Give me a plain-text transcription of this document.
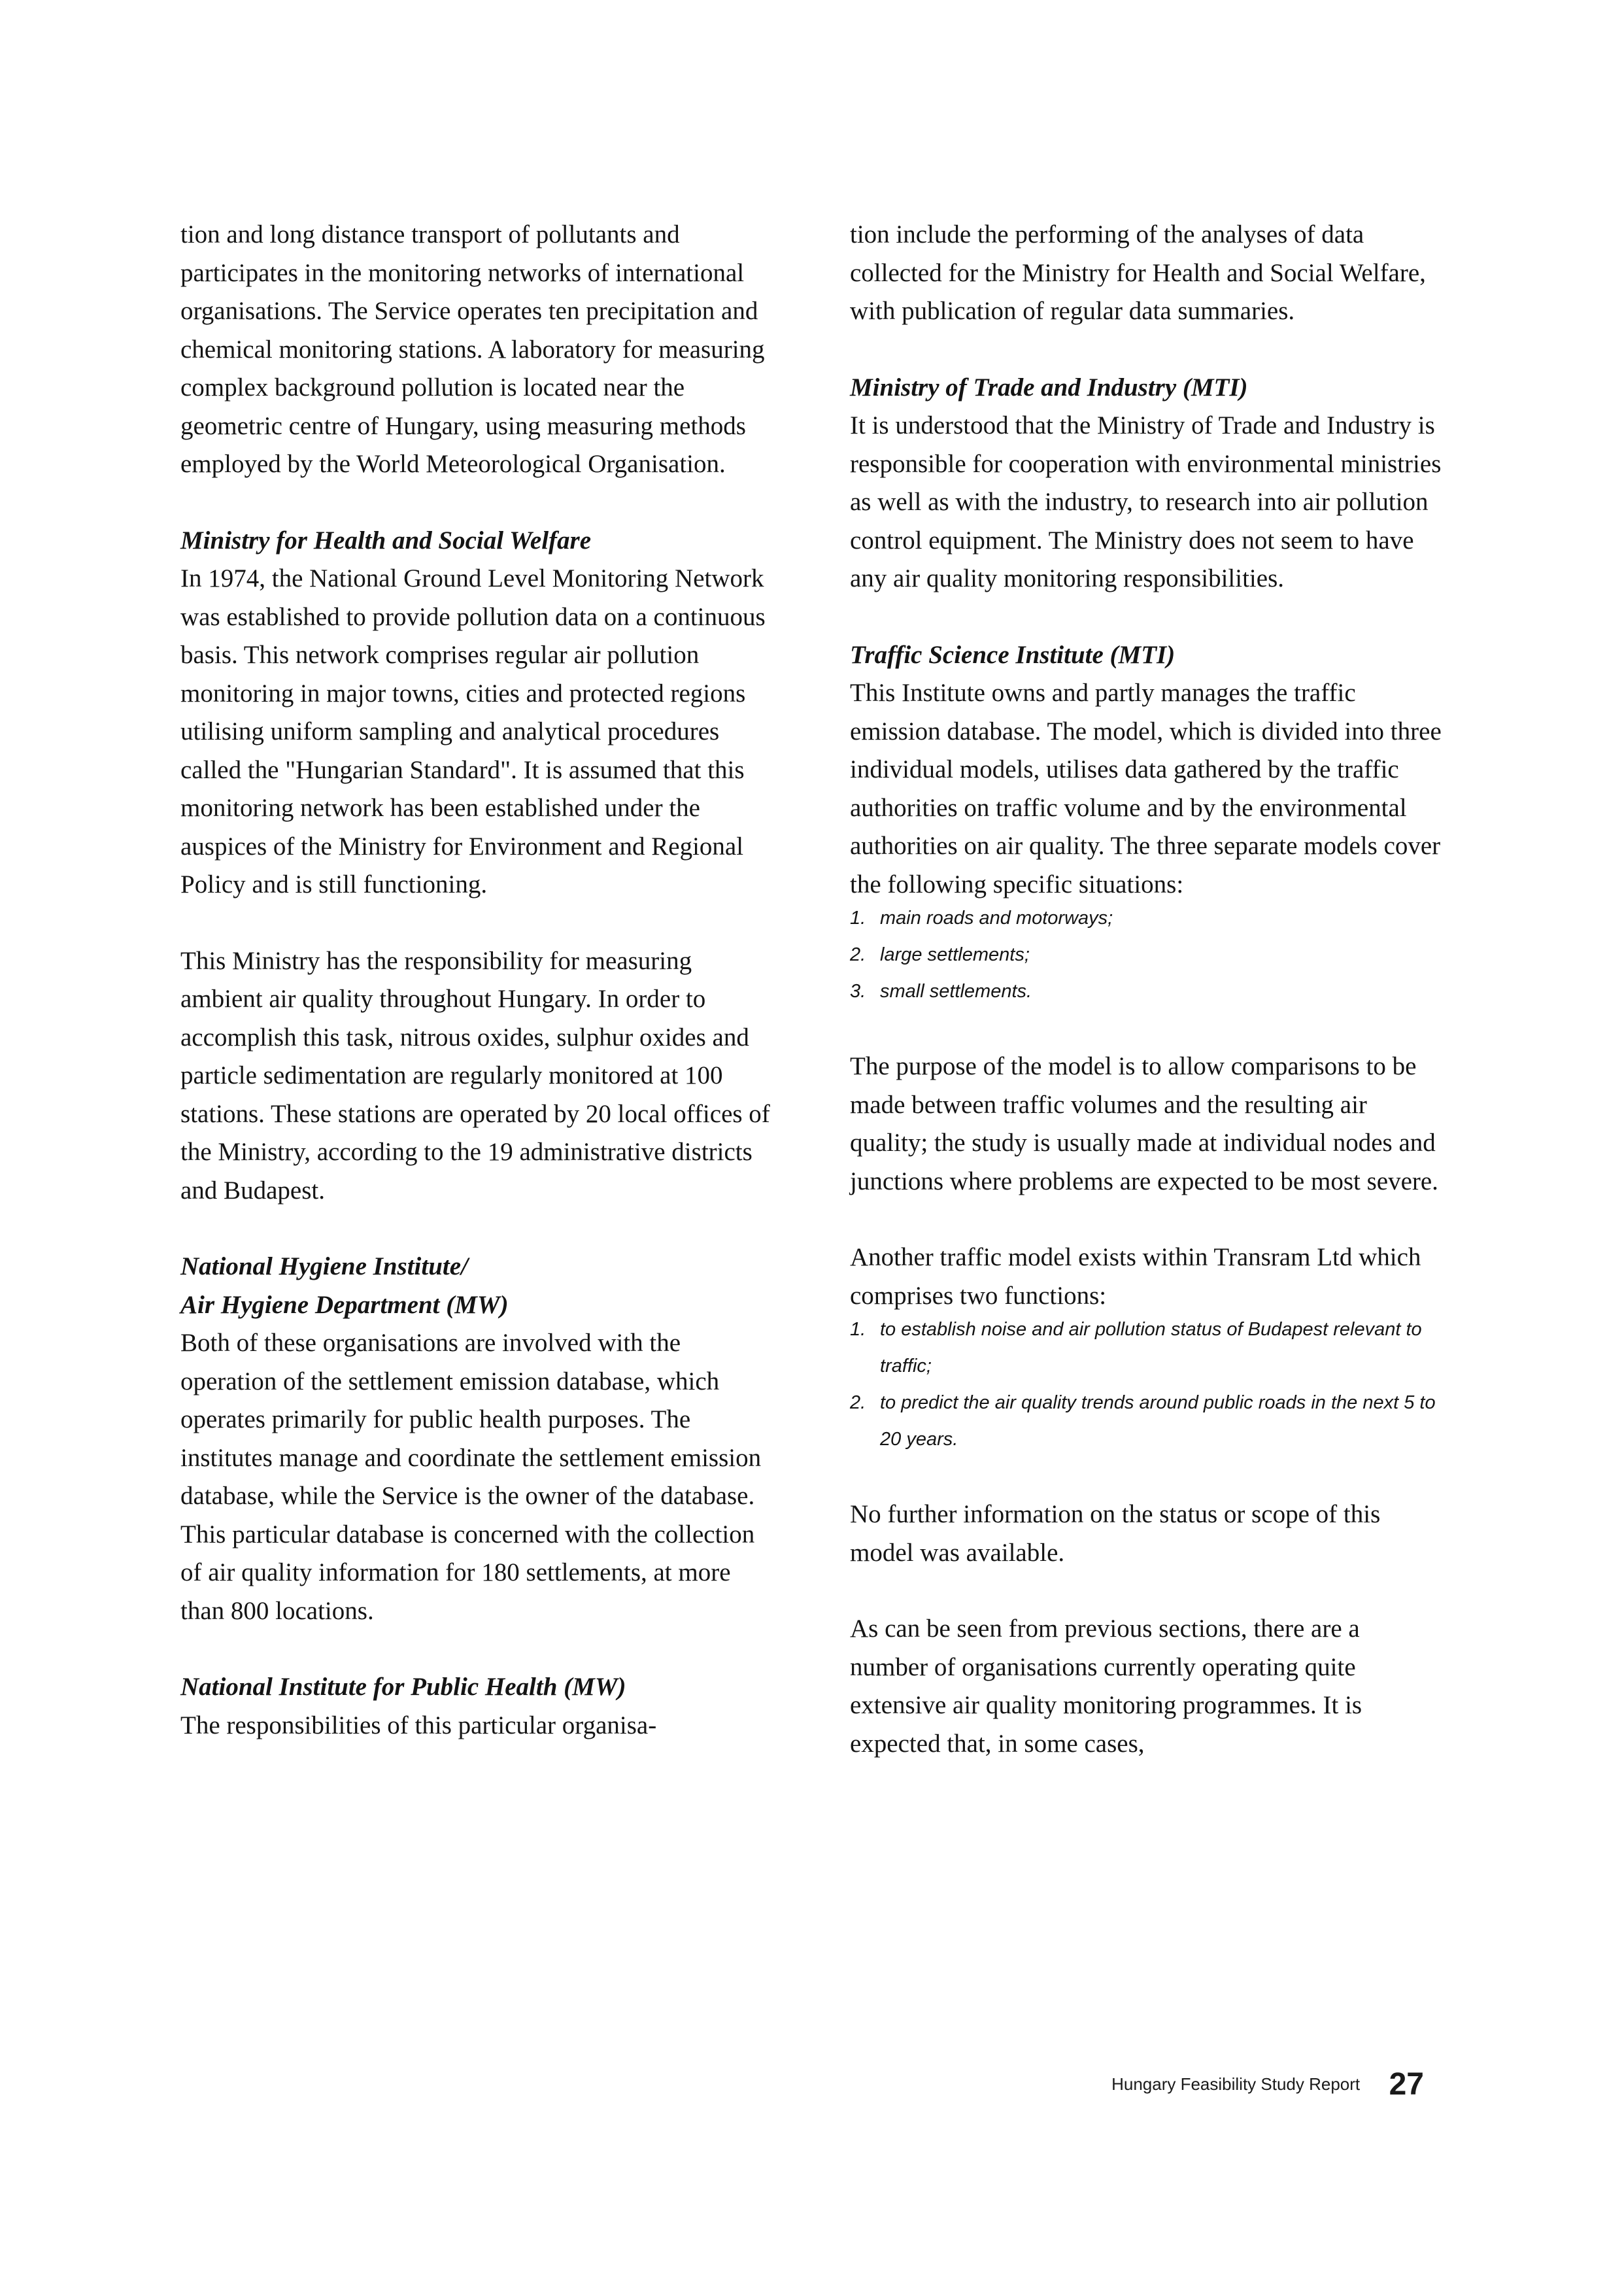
tion and long distance transport of pollutants and participates in the monitoring networks of international organisations. The Service operates ten precipitation and chemical monitoring stations. A laboratory for measuring complex background pollution is located near the geometric centre of Hungary, using measuring methods employed by the World Meteorological Organisation.

Ministry for Health and Social Welfare
In 1974, the National Ground Level Monitoring Network was established to provide pollution data on a continuous basis. This network comprises regular air pollution monitoring in major towns, cities and protected regions utilising uniform sampling and analytical procedures called the "Hungarian Standard". It is assumed that this monitoring network has been established under the auspices of the Ministry for Environment and Regional Policy and is still functioning.

This Ministry has the responsibility for measuring ambient air quality throughout Hungary. In order to accomplish this task, nitrous oxides, sulphur oxides and particle sedimentation are regularly monitored at 100 stations. These stations are operated by 20 local offices of the Ministry, according to the 19 administrative districts and Budapest.

National Hygiene Institute/
Air Hygiene Department (MW)
Both of these organisations are involved with the operation of the settlement emission database, which operates primarily for public health purposes. The institutes manage and coordinate the settlement emission database, while the Service is the owner of the database. This particular database is concerned with the collection of air quality information for 180 settlements, at more than 800 locations.

National Institute for Public Health (MW)
The responsibilities of this particular organisa-

tion include the performing of the analyses of data collected for the Ministry for Health and Social Welfare, with publication of regular data summaries.

Ministry of Trade and Industry (MTI)
It is understood that the Ministry of Trade and Industry is responsible for cooperation with environmental ministries as well as with the industry, to research into air pollution control equipment. The Ministry does not seem to have any air quality monitoring responsibilities.

Traffic Science Institute (MTI)
This Institute owns and partly manages the traffic emission database. The model, which is divided into three individual models, utilises data gathered by the traffic authorities on traffic volume and by the environmental authorities on air quality. The three separate models cover the following specific situations:

1. main roads and motorways;
2. large settlements;
3. small settlements.

The purpose of the model is to allow comparisons to be made between traffic volumes and the resulting air quality; the study is usually made at individual nodes and junctions where problems are expected to be most severe.

Another traffic model exists within Transram Ltd which comprises two functions:

1. to establish noise and air pollution status of Budapest relevant to traffic;
2. to predict the air quality trends around public roads in the next 5 to 20 years.

No further information on the status or scope of this model was available.

As can be seen from previous sections, there are a number of organisations currently operating quite extensive air quality monitoring programmes. It is expected that, in some cases,

Hungary Feasibility Study Report 27
